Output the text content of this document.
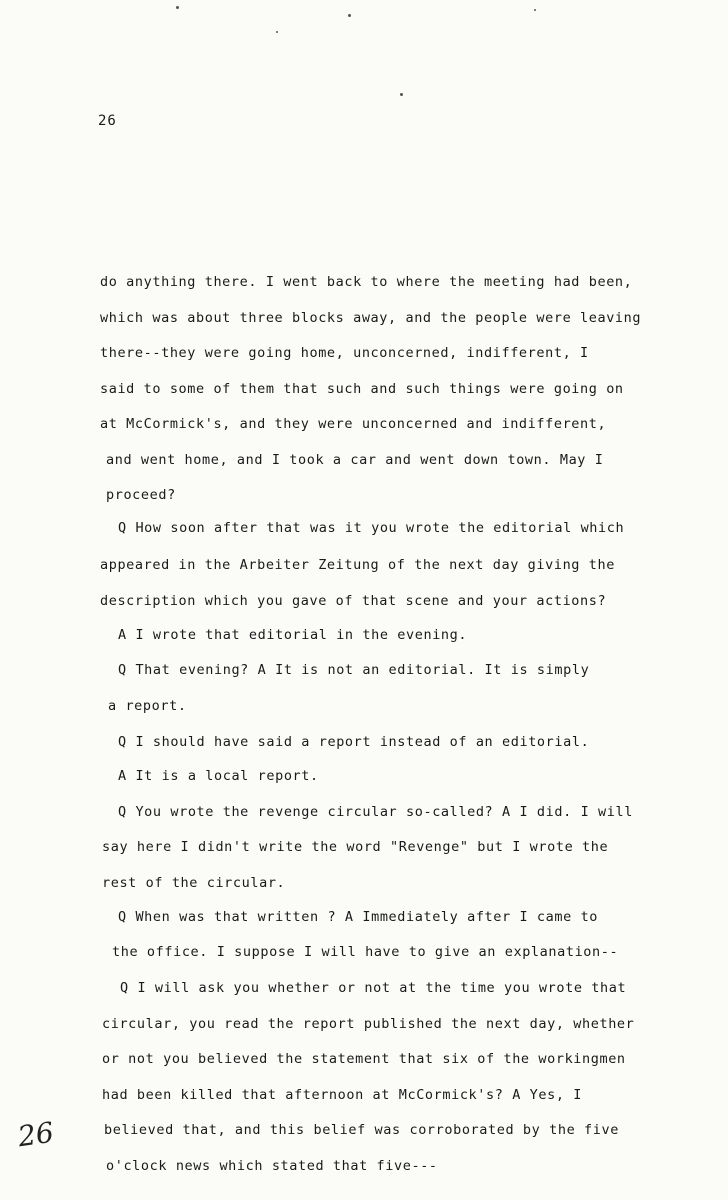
26
do anything there. I went back to where the meeting had been,
which was about three blocks away, and the people were leaving
there--they were going home, unconcerned, indifferent, I
said to some of them that such and such things were going on
at McCormick's, and they were unconcerned and indifferent,
and went home, and I took a car and went down town. May I
proceed?
Q How soon after that was it you wrote the editorial which
appeared in the Arbeiter Zeitung of the next day giving the
description which you gave of that scene and your actions?
A I wrote that editorial in the evening.
Q That evening? A It is not an editorial. It is simply
a report.
Q I should have said a report instead of an editorial.
A It is a local report.
Q You wrote the revenge circular so-called? A I did. I will
say here I didn't write the word "Revenge" but I wrote the
rest of the circular.
Q When was that written ? A Immediately after I came to
the office. I suppose I will have to give an explanation--
Q I will ask you whether or not at the time you wrote that
circular, you read the report published the next day, whether
or not you believed the statement that six of the workingmen
had been killed that afternoon at McCormick's? A Yes, I
believed that, and this belief was corroborated by the five
o'clock news which stated that five---
26
